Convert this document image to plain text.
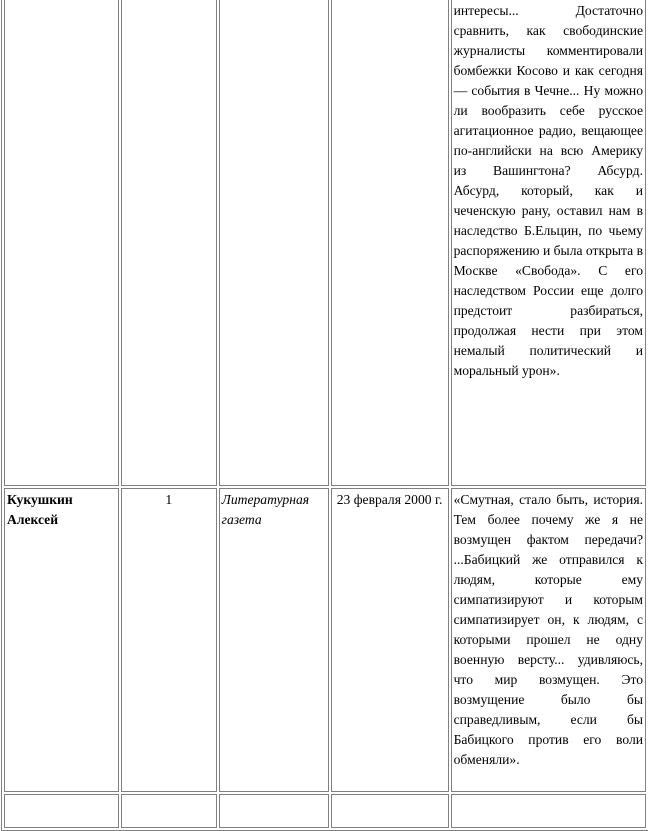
				интересы... Достаточно сравнить, как свободинские журналисты комментировали бомбежки Косово и как сегодня — события в Чечне... Ну можно ли вообразить себе русское агитационное радио, вещающее по-английски на всю Америку из Вашингтона? Абсурд. Абсурд, который, как и чеченскую рану, оставил нам в наследство Б.Ельцин, по чьему распоряжению и была открыта в Москве «Свобода». С его наследством России еще долго предстоит разбираться, продолжая нести при этом немалый политический и моральный урон».
Кукушкин Алексей	1	Литературная газета	23 февраля 2000 г.	«Смутная, стало быть, история. Тем более почему же я не возмущен фактом передачи? ...Бабицкий же отправился к людям, которые ему симпатизируют и которым симпатизирует он, к людям, с которыми прошел не одну военную версту... удивляюсь, что мир возмущен. Это возмущение было бы справедливым, если бы Бабицкого против его воли обменяли».
